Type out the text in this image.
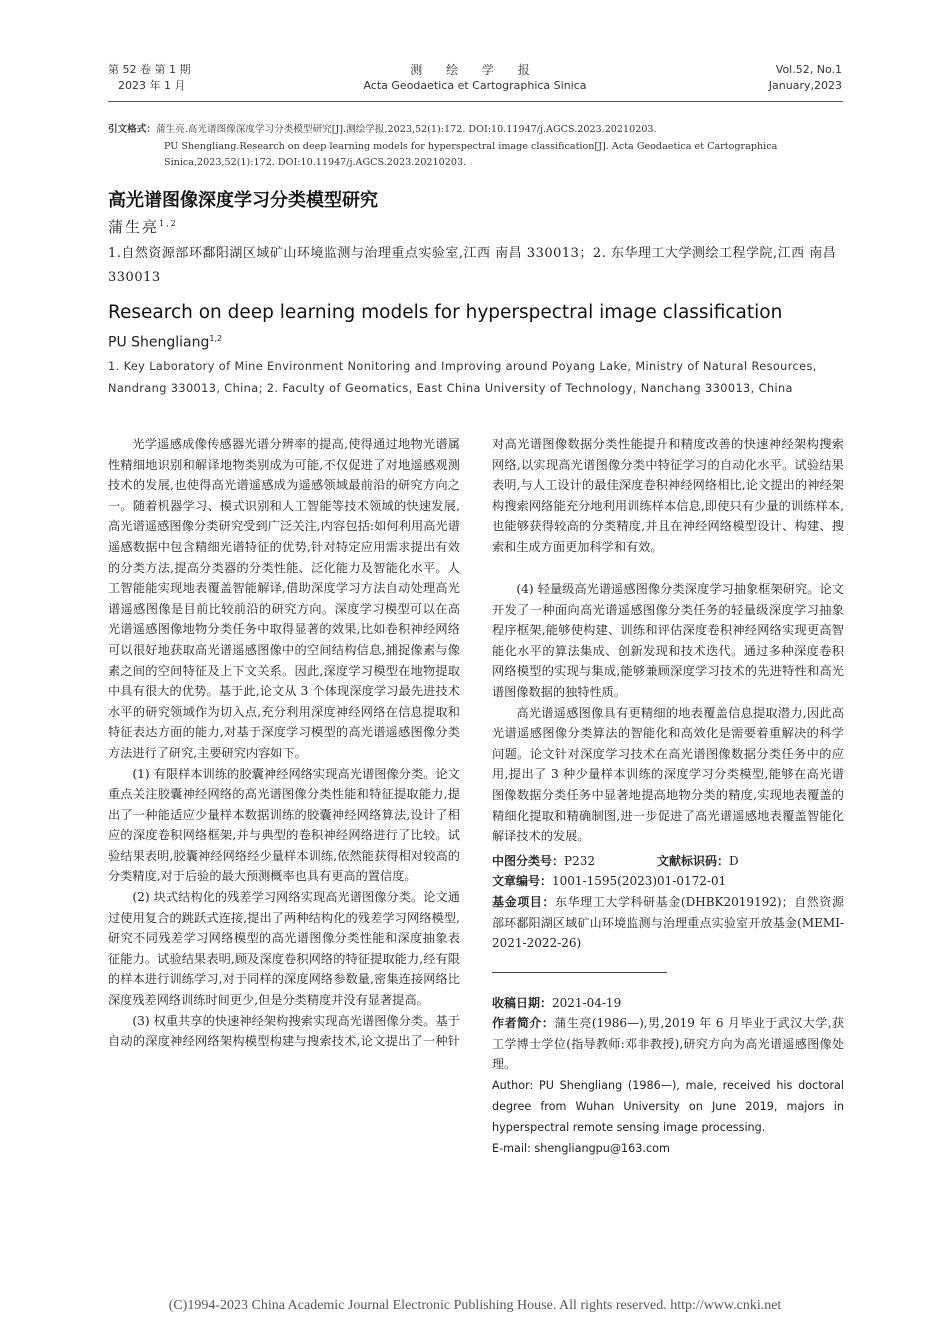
第 52 卷 第 1 期
2023 年 1 月
测 绘 学 报
Acta Geodaetica et Cartographica Sinica
Vol.52, No.1
January,2023
引文格式：蒲生亮.高光谱图像深度学习分类模型研究[J].测绘学报,2023,52(1):172. DOI:10.11947/j.AGCS.2023.20210203.
PU Shengliang.Research on deep learning models for hyperspectral image classification[J]. Acta Geodaetica et Cartographica
Sinica,2023,52(1):172. DOI:10.11947/j.AGCS.2023.20210203.
高光谱图像深度学习分类模型研究
蒲生亮$^{1,2}$
1.自然资源部环鄱阳湖区域矿山环境监测与治理重点实验室,江西 南昌 330013；2. 东华理工大学测绘工程学院,江西 南昌 330013
Research on deep learning models for hyperspectral image classification
PU Shengliang$^{1,2}$
1. Key Laboratory of Mine Environment Nonitoring and Improving around Poyang Lake, Ministry of Natural Resources, Nandrang 330013, China; 2. Faculty of Geomatics, East China University of Technology, Nanchang 330013, China

光学遥感成像传感器光谱分辨率的提高,使得通过地物光谱属性精细地识别和解译地物类别成为可能,不仅促进了对地遥感观测技术的发展,也使得高光谱遥感成为遥感领域最前沿的研究方向之一。随着机器学习、模式识别和人工智能等技术领域的快速发展,高光谱遥感图像分类研究受到广泛关注,内容包括:如何利用高光谱遥感数据中包含精细光谱特征的优势,针对特定应用需求提出有效的分类方法,提高分类器的分类性能、泛化能力及智能化水平。人工智能能实现地表覆盖智能解译,借助深度学习方法自动处理高光谱遥感图像是目前比较前沿的研究方向。深度学习模型可以在高光谱遥感图像地物分类任务中取得显著的效果,比如卷积神经网络可以很好地获取高光谱遥感图像中的空间结构信息,捕捉像素与像素之间的空间特征及上下文关系。因此,深度学习模型在地物提取中具有很大的优势。基于此,论文从 3 个体现深度学习最先进技术水平的研究领域作为切入点,充分利用深度神经网络在信息提取和特征表达方面的能力,对基于深度学习模型的高光谱遥感图像分类方法进行了研究,主要研究内容如下。

(1) 有限样本训练的胶囊神经网络实现高光谱图像分类。论文重点关注胶囊神经网络的高光谱图像分类性能和特征提取能力,提出了一种能适应少量样本数据训练的胶囊神经网络算法,设计了相应的深度卷积网络框架,并与典型的卷积神经网络进行了比较。试验结果表明,胶囊神经网络经少量样本训练,依然能获得相对较高的分类精度,对于后验的最大预测概率也具有更高的置信度。

(2) 块式结构化的残差学习网络实现高光谱图像分类。论文通过使用复合的跳跃式连接,提出了两种结构化的残差学习网络模型,研究不同残差学习网络模型的高光谱图像分类性能和深度抽象表征能力。试验结果表明,顾及深度卷积网络的特征提取能力,经有限的样本进行训练学习,对于同样的深度网络参数量,密集连接网络比深度残差网络训练时间更少,但是分类精度并没有显著提高。

(3) 权重共享的快速神经架构搜索实现高光谱图像分类。基于自动的深度神经网络架构模型构建与搜索技术,论文提出了一种针

对高光谱图像数据分类性能提升和精度改善的快速神经架构搜索网络,以实现高光谱图像分类中特征学习的自动化水平。试验结果表明,与人工设计的最佳深度卷积神经网络相比,论文提出的神经架构搜索网络能充分地利用训练样本信息,即使只有少量的训练样本,也能够获得较高的分类精度,并且在神经网络模型设计、构建、搜索和生成方面更加科学和有效。

(4) 轻量级高光谱遥感图像分类深度学习抽象框架研究。论文开发了一种面向高光谱遥感图像分类任务的轻量级深度学习抽象程序框架,能够使构建、训练和评估深度卷积神经网络实现更高智能化水平的算法集成、创新发现和技术迭代。通过多种深度卷积网络模型的实现与集成,能够兼顾深度学习技术的先进特性和高光谱图像数据的独特性质。

高光谱遥感图像具有更精细的地表覆盖信息提取潜力,因此高光谱遥感图像分类算法的智能化和高效化是需要着重解决的科学问题。论文针对深度学习技术在高光谱图像数据分类任务中的应用,提出了 3 种少量样本训练的深度学习分类模型,能够在高光谱图像数据分类任务中显著地提高地物分类的精度,实现地表覆盖的精细化提取和精确制图,进一步促进了高光谱遥感地表覆盖智能化解译技术的发展。

中图分类号：P232	文献标识码：D
文章编号：1001-1595(2023)01-0172-01
基金项目：东华理工大学科研基金(DHBK2019192)；自然资源部环鄱阳湖区域矿山环境监测与治理重点实验室开放基金(MEMI-2021-2022-26)
收稿日期：2021-04-19
作者简介：蒲生亮(1986—),男,2019 年 6 月毕业于武汉大学,获工学博士学位(指导教师:邓非教授),研究方向为高光谱遥感图像处理。
Author: PU Shengliang (1986—), male, received his doctoral degree from Wuhan University on June 2019, majors in hyperspectral remote sensing image processing.
E-mail: shengliangpu@163.com
(C)1994-2023 China Academic Journal Electronic Publishing House. All rights reserved. http://www.cnki.net
